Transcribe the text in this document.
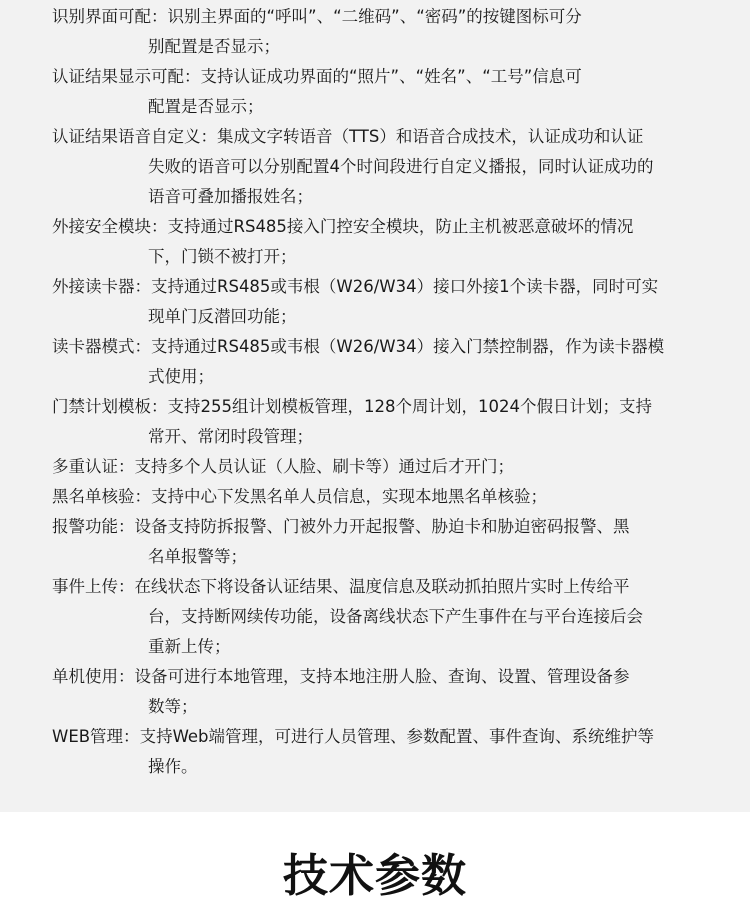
识别界面可配：识别主界面的“呼叫”、“二维码”、“密码”的按键图标可分
别配置是否显示；
认证结果显示可配：支持认证成功界面的“照片”、“姓名”、“工号”信息可
配置是否显示；
认证结果语音自定义：集成文字转语音（TTS）和语音合成技术，认证成功和认证
失败的语音可以分别配置4个时间段进行自定义播报，同时认证成功的
语音可叠加播报姓名；
外接安全模块：支持通过RS485接入门控安全模块，防止主机被恶意破坏的情况
下，门锁不被打开；
外接读卡器：支持通过RS485或韦根（W26/W34）接口外接1个读卡器，同时可实
现单门反潜回功能；
读卡器模式：支持通过RS485或韦根（W26/W34）接入门禁控制器，作为读卡器模
式使用；
门禁计划模板：支持255组计划模板管理，128个周计划，1024个假日计划；支持
常开、常闭时段管理；
多重认证：支持多个人员认证（人脸、刷卡等）通过后才开门；
黑名单核验：支持中心下发黑名单人员信息，实现本地黑名单核验；
报警功能：设备支持防拆报警、门被外力开起报警、胁迫卡和胁迫密码报警、黑
名单报警等；
事件上传：在线状态下将设备认证结果、温度信息及联动抓拍照片实时上传给平
台，支持断网续传功能，设备离线状态下产生事件在与平台连接后会
重新上传；
单机使用：设备可进行本地管理，支持本地注册人脸、查询、设置、管理设备参
数等；
WEB管理：支持Web端管理，可进行人员管理、参数配置、事件查询、系统维护等
操作。
技术参数
